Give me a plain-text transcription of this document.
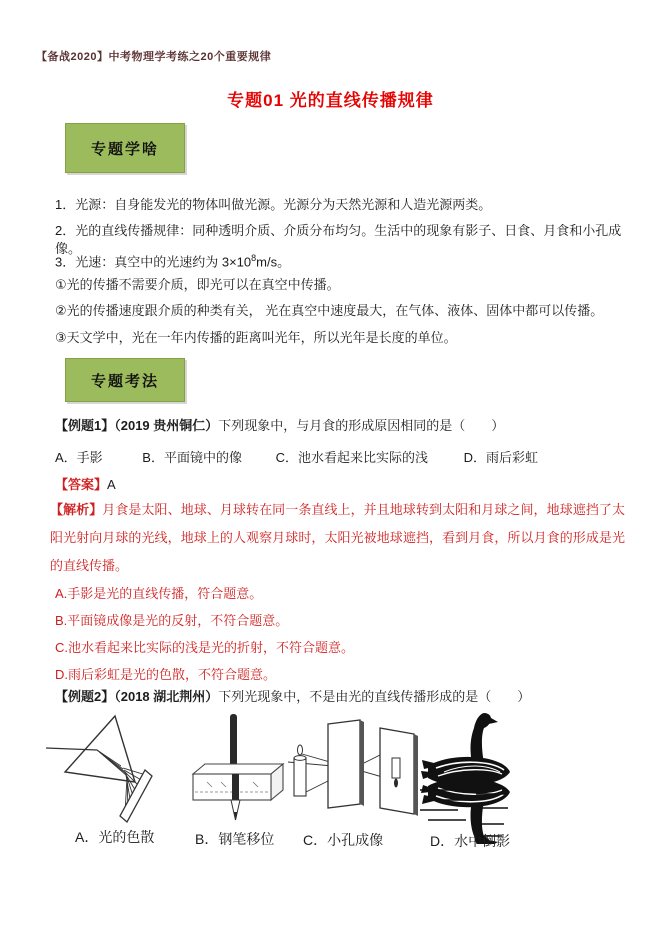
【备战2020】中考物理学考练之20个重要规律
专题01 光的直线传播规律
专题学啥
1．光源：自身能发光的物体叫做光源。光源分为天然光源和人造光源两类。
2．光的直线传播规律：同种透明介质、介质分布均匀。生活中的现象有影子、日食、月食和小孔成像。
3．光速：真空中的光速约为 $3\times 10^8m/s$。
①光的传播不需要介质，即光可以在真空中传播。
②光的传播速度跟介质的种类有关， 光在真空中速度最大，在气体、液体、固体中都可以传播。
③天文学中，光在一年内传播的距离叫光年，所以光年是长度的单位。
专题考法
【例题1】（2019 贵州铜仁）下列现象中，与月食的形成原因相同的是（　　）
A．手影	B．平面镜中的像	C．池水看起来比实际的浅	D．雨后彩虹
【答案】A
【解析】月食是太阳、地球、月球转在同一条直线上，并且地球转到太阳和月球之间，地球遮挡了太阳光射向月球的光线，地球上的人观察月球时，太阳光被地球遮挡，看到月食，所以月食的形成是光的直线传播。
A.手影是光的直线传播，符合题意。
B.平面镜成像是光的反射，不符合题意。
C.池水看起来比实际的浅是光的折射，不符合题意。
D.雨后彩虹是光的色散，不符合题意。
【例题2】（2018 湖北荆州）下列光现象中，不是由光的直线传播形成的是（　　）
A．光的色散	B．钢笔移位 C．小孔成像	D．水中倒影
